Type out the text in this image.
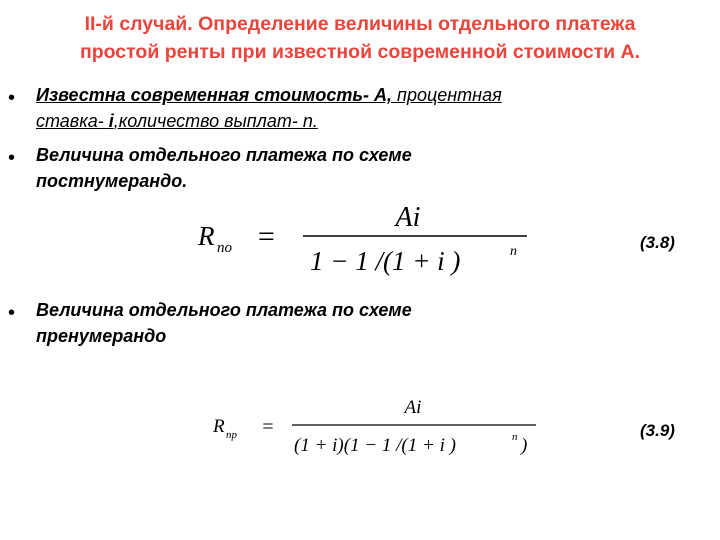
II-й случай. Определение величины отдельного платежа
простой ренты при известной современной стоимости А.
• Известна современная стоимость- А, процентная
ставка- i,количество выплат- n.
• Величина отдельного платежа по схеме
постнумерандо.
R по =
Ai
1 − 1 /(1 + i )	n	(3.8)
• Величина отдельного платежа по схеме
пренумерандо
R пр =
Ai
(1 + i)(1 − 1 /(1 + i )	n )
(3.9)
